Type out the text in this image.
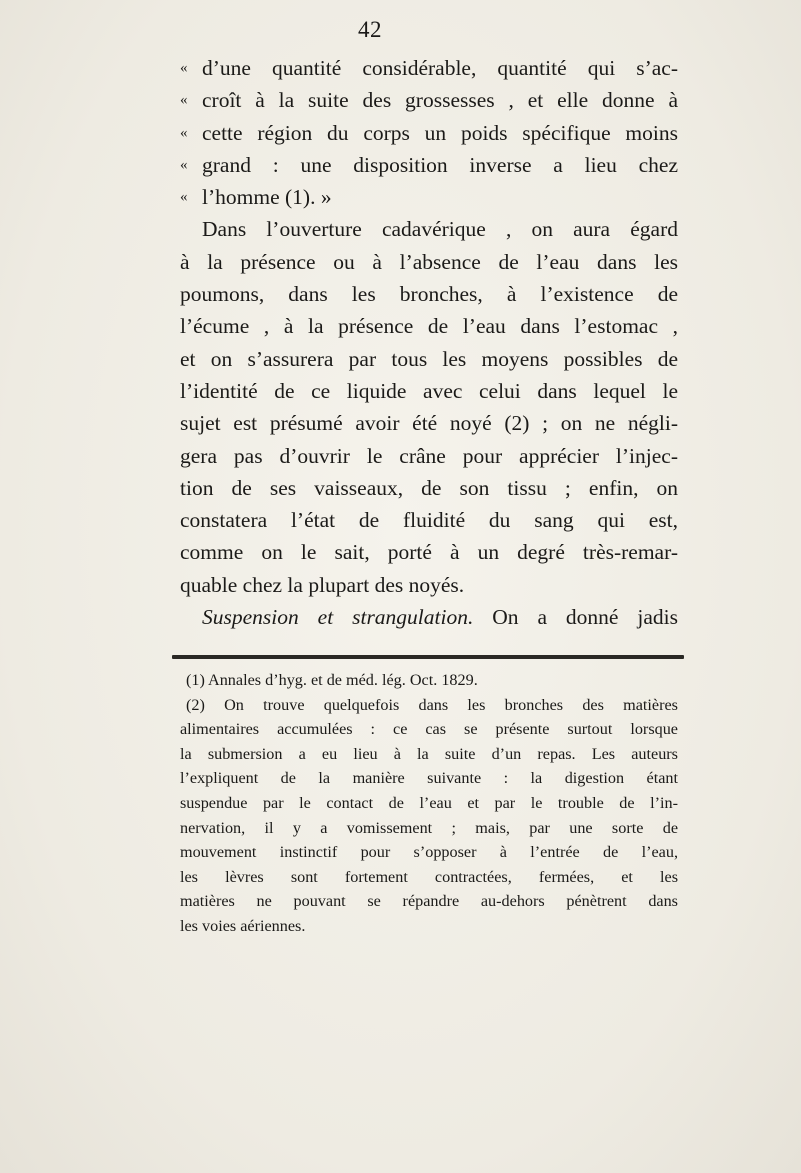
42
« d’une quantité considérable, quantité qui s’ac-
« croît à la suite des grossesses , et elle donne à
« cette région du corps un poids spécifique moins
« grand : une disposition inverse a lieu chez
« l’homme (1). »
Dans l’ouverture cadavérique , on aura égard
à la présence ou à l’absence de l’eau dans les
poumons, dans les bronches, à l’existence de
l’écume , à la présence de l’eau dans l’estomac ,
et on s’assurera par tous les moyens possibles de
l’identité de ce liquide avec celui dans lequel le
sujet est présumé avoir été noyé (2) ; on ne négli-
gera pas d’ouvrir le crâne pour apprécier l’injec-
tion de ses vaisseaux, de son tissu ; enfin, on
constatera l’état de fluidité du sang qui est,
comme on le sait, porté à un degré très-remar-
quable chez la plupart des noyés.
Suspension et strangulation. On a donné jadis
(1) Annales d’hyg. et de méd. lég. Oct. 1829.
(2) On trouve quelquefois dans les bronches des matières
alimentaires accumulées : ce cas se présente surtout lorsque
la submersion a eu lieu à la suite d’un repas. Les auteurs
l’expliquent de la manière suivante : la digestion étant
suspendue par le contact de l’eau et par le trouble de l’in-
nervation, il y a vomissement ; mais, par une sorte de
mouvement instinctif pour s’opposer à l’entrée de l’eau,
les lèvres sont fortement contractées, fermées, et les
matières ne pouvant se répandre au-dehors pénètrent dans
les voies aériennes.
